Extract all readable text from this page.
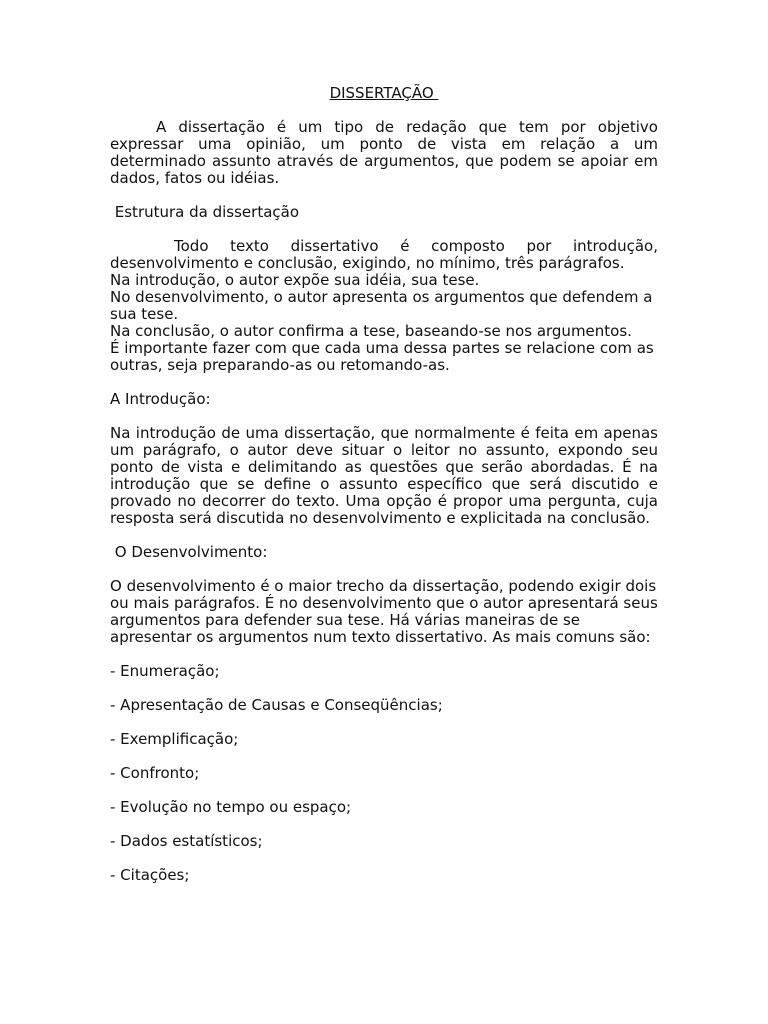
DISSERTAÇÃO

A dissertação é um tipo de redação que tem por objetivo expressar uma opinião, um ponto de vista em relação a um determinado assunto através de argumentos, que podem se apoiar em dados, fatos ou idéias.

Estrutura da dissertação

Todo texto dissertativo é composto por introdução, desenvolvimento e conclusão, exigindo, no mínimo, três parágrafos.

Na introdução, o autor expõe sua idéia, sua tese.

No desenvolvimento, o autor apresenta os argumentos que defendem a sua tese.

Na conclusão, o autor confirma a tese, baseando-se nos argumentos.

É importante fazer com que cada uma dessa partes se relacione com as outras, seja preparando-as ou retomando-as.

A Introdução:

Na introdução de uma dissertação, que normalmente é feita em apenas um parágrafo, o autor deve situar o leitor no assunto, expondo seu ponto de vista e delimitando as questões que serão abordadas. É na introdução que se define o assunto específico que será discutido e provado no decorrer do texto. Uma opção é propor uma pergunta, cuja resposta será discutida no desenvolvimento e explicitada na conclusão.

O Desenvolvimento:

O desenvolvimento é o maior trecho da dissertação, podendo exigir dois ou mais parágrafos. É no desenvolvimento que o autor apresentará seus argumentos para defender sua tese. Há várias maneiras de se apresentar os argumentos num texto dissertativo. As mais comuns são:

- Enumeração;

- Apresentação de Causas e Conseqüências;

- Exemplificação;

- Confronto;

- Evolução no tempo ou espaço;

- Dados estatísticos;

- Citações;
